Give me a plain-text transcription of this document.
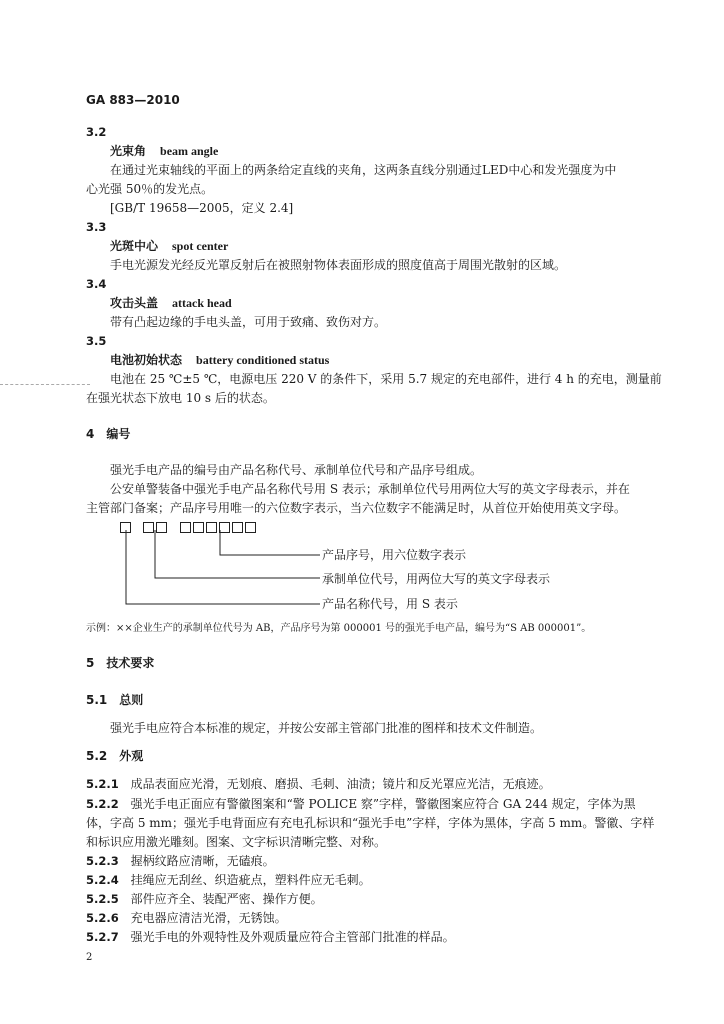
GA 883—2010
3.2
光束角 beam angle
在通过光束轴线的平面上的两条给定直线的夹角，这两条直线分别通过LED中心和发光强度为中
心光强 50％的发光点。
[GB/T 19658—2005，定义 2.4]
3.3
光斑中心 spot center
手电光源发光经反光罩反射后在被照射物体表面形成的照度值高于周围光散射的区域。
3.4
攻击头盖 attack head
带有凸起边缘的手电头盖，可用于致痛、致伤对方。
3.5
电池初始状态 battery conditioned status
电池在 25 ℃±5 ℃，电源电压 220 V 的条件下，采用 5.7 规定的充电部件，进行 4 h 的充电，测量前
在强光状态下放电 10 s 后的状态。
4　编号
强光手电产品的编号由产品名称代号、承制单位代号和产品序号组成。
公安单警装备中强光手电产品名称代号用 S 表示；承制单位代号用两位大写的英文字母表示，并在
主管部门备案；产品序号用唯一的六位数字表示，当六位数字不能满足时，从首位开始使用英文字母。
产品序号，用六位数字表示
承制单位代号，用两位大写的英文字母表示
产品名称代号，用 S 表示
示例：××企业生产的承制单位代号为 AB，产品序号为第 000001 号的强光手电产品，编号为“S AB 000001”。
5　技术要求
5.1　总则
强光手电应符合本标准的规定，并按公安部主管部门批准的图样和技术文件制造。
5.2　外观
5.2.1 成品表面应光滑，无划痕、磨损、毛刺、油渍；镜片和反光罩应光洁，无痕迹。
5.2.2 强光手电正面应有警徽图案和“警 POLICE 察”字样，警徽图案应符合 GA 244 规定，字体为黑
体，字高 5 mm；强光手电背面应有充电孔标识和“强光手电”字样，字体为黑体，字高 5 mm。警徽、字样
和标识应用激光雕刻。图案、文字标识清晰完整、对称。
5.2.3 握柄纹路应清晰，无磕痕。
5.2.4 挂绳应无刮丝、织造疵点，塑料件应无毛刺。
5.2.5 部件应齐全、装配严密、操作方便。
5.2.6 充电器应清洁光滑，无锈蚀。
5.2.7 强光手电的外观特性及外观质量应符合主管部门批准的样品。
2
